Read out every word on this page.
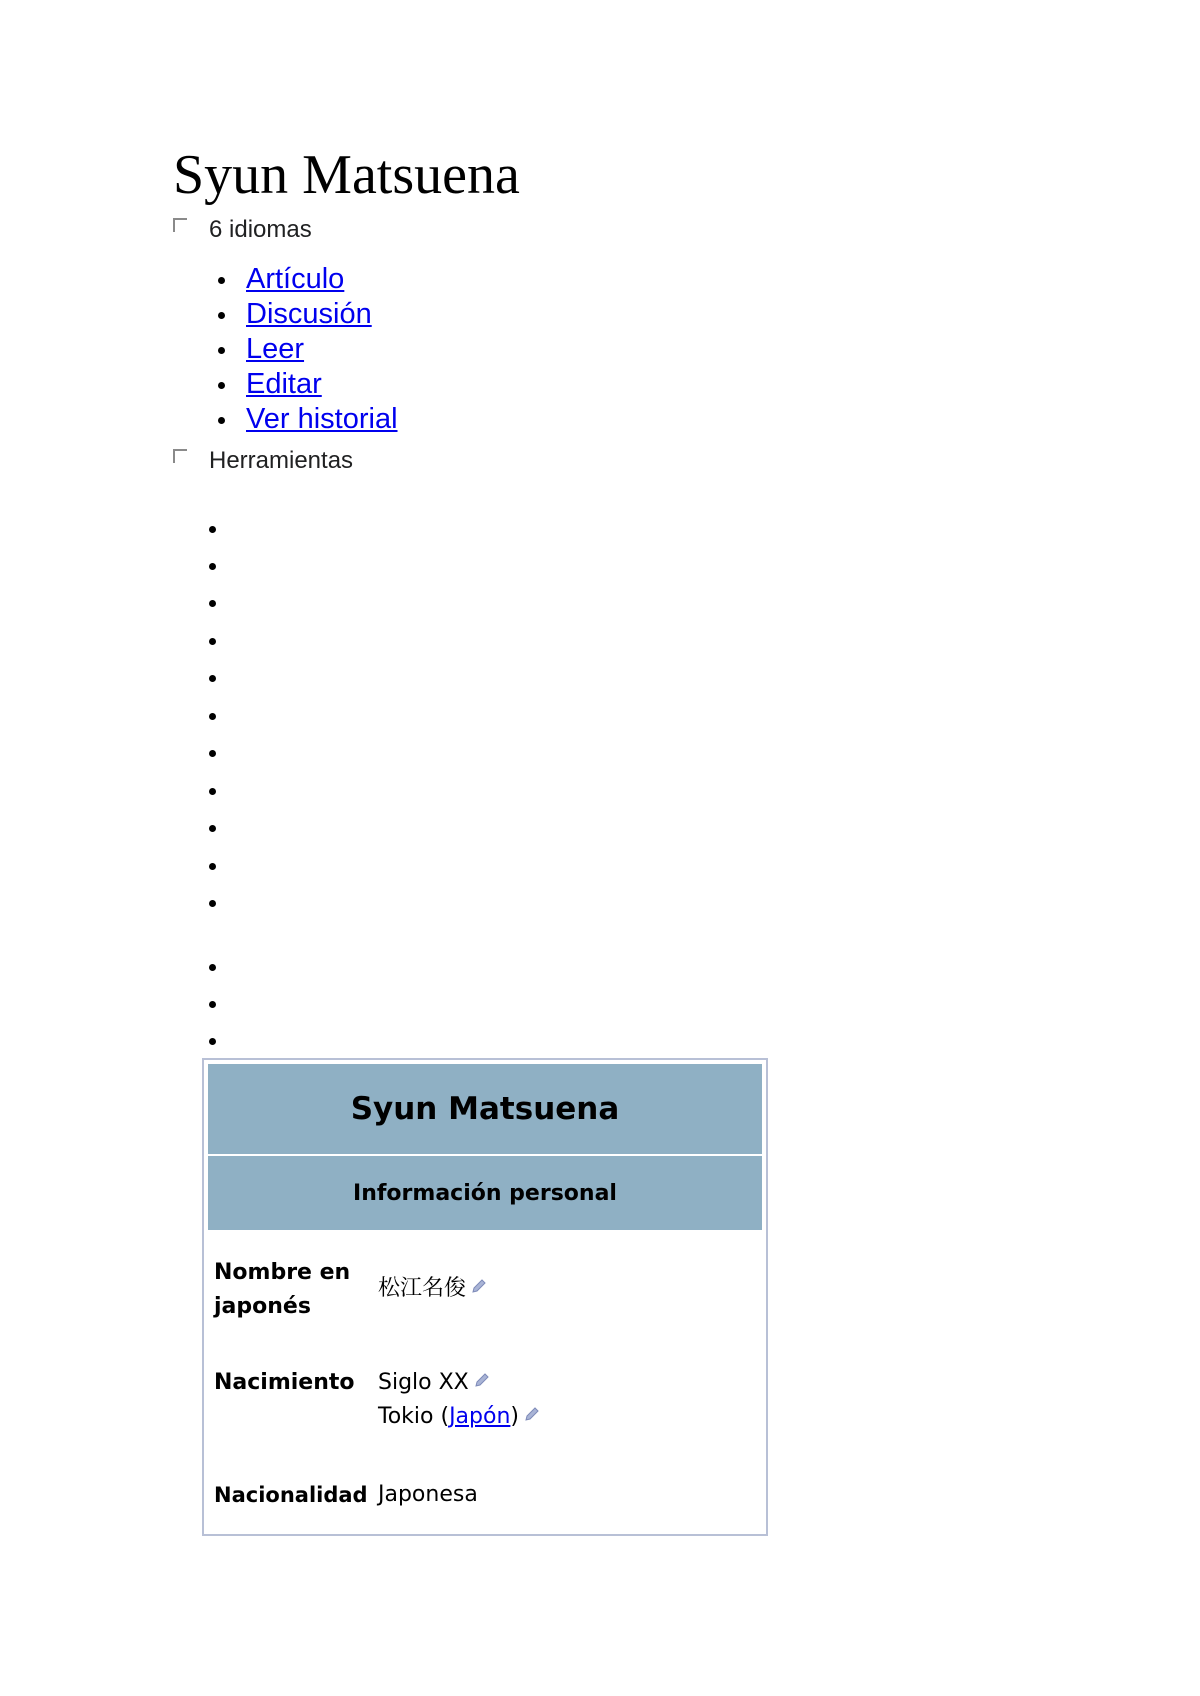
Syun Matsuena
6 idiomas
Artículo
Discusión
Leer
Editar
Ver historial
Herramientas
Syun Matsuena
Información personal
Nombre en japonés
松江名俊
Nacimiento	Siglo XX
Tokio (Japón)
Nacionalidad Japonesa
